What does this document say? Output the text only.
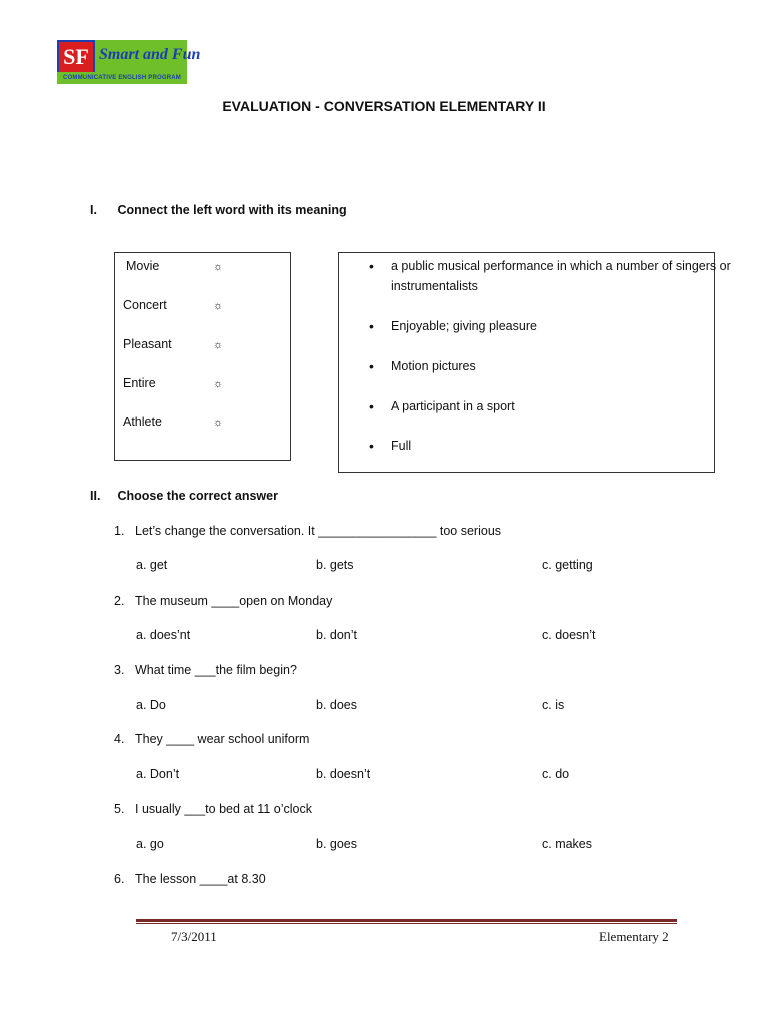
SF Smart and Fun
COMMUNICATIVE ENGLISH PROGRAM
EVALUATION - CONVERSATION ELEMENTARY II
I. Connect the left word with its meaning
Movie	☼
Concert	☼
Pleasant	☼
Entire	☼
Athlete	☼
• a public musical performance in which a number of singers or instrumentalists
• Enjoyable; giving pleasure
• Motion pictures
• A participant in a sport
• Full
II. Choose the correct answer
1. Let’s change the conversation. It _________________ too serious
a. get	b. gets	c. getting
2. The museum ____open on Monday
a. does’nt	b. don’t	c. doesn’t
3. What time ___the film begin?
a. Do	b. does	c. is
4. They ____ wear school uniform
a. Don’t	b. doesn’t	c. do
5. I usually ___to bed at 11 o’clock
a. go	b. goes	c. makes
6. The lesson ____at 8.30
7/3/2011	Elementary 2
